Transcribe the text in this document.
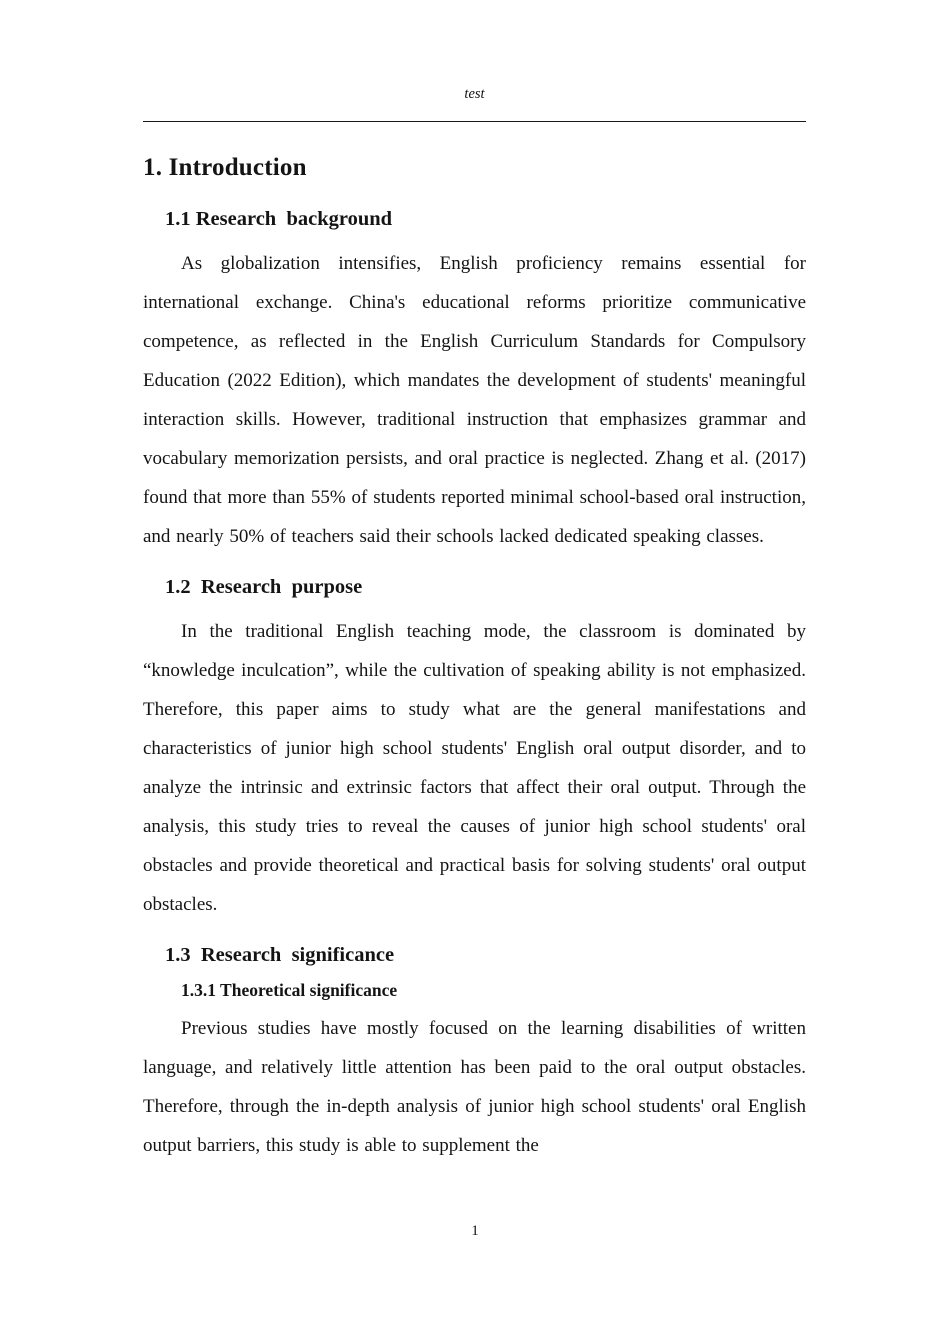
test
1. Introduction
1.1 Research  background

As globalization intensifies, English proficiency remains essential for international exchange. China's educational reforms prioritize communicative competence, as reflected in the English Curriculum Standards for Compulsory Education (2022 Edition), which mandates the development of students' meaningful interaction skills. However, traditional instruction that emphasizes grammar and vocabulary memorization persists, and oral practice is neglected. Zhang et al. (2017) found that more than 55% of students reported minimal school-based oral instruction, and nearly 50% of teachers said their schools lacked dedicated speaking classes.

1.2  Research  purpose

In the traditional English teaching mode, the classroom is dominated by “knowledge inculcation”, while the cultivation of speaking ability is not emphasized. Therefore, this paper aims to study what are the general manifestations and characteristics of junior high school students' English oral output disorder, and to analyze the intrinsic and extrinsic factors that affect their oral output. Through the analysis, this study tries to reveal the causes of junior high school students' oral obstacles and provide theoretical and practical basis for solving students' oral output obstacles.

1.3  Research  significance
1.3.1 Theoretical significance

Previous studies have mostly focused on the learning disabilities of written language, and relatively little attention has been paid to the oral output obstacles. Therefore, through the in-depth analysis of junior high school students' oral English output barriers, this study is able to supplement the

1
